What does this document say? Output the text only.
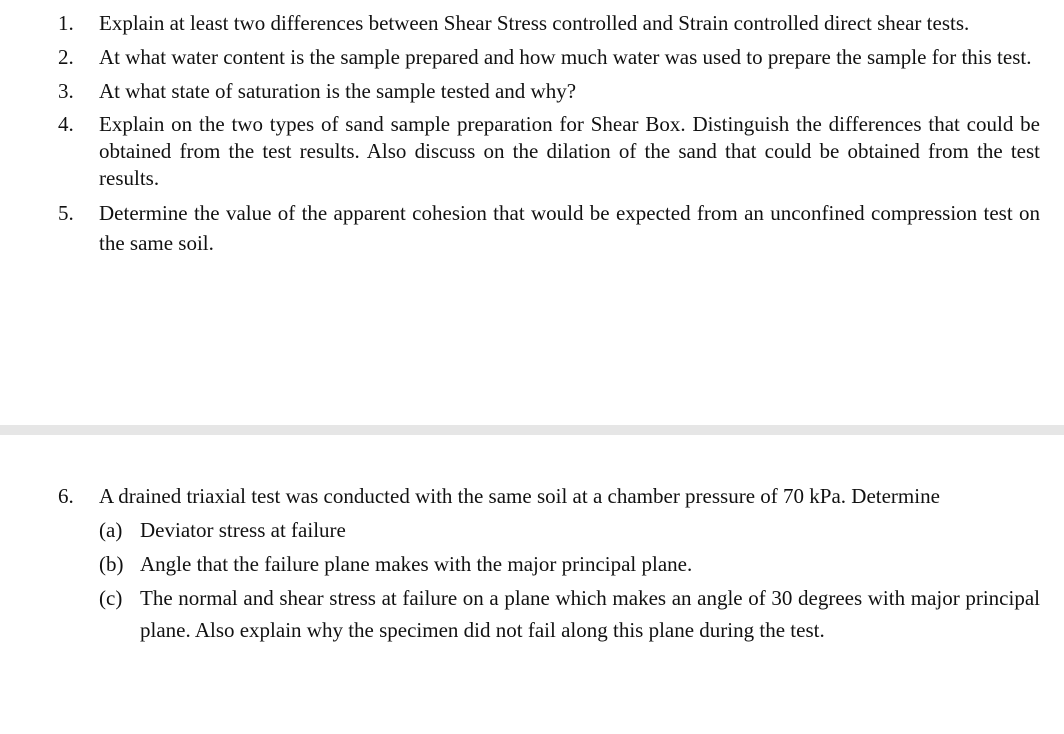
1. Explain at least two differences between Shear Stress controlled and Strain controlled direct shear tests.
2. At what water content is the sample prepared and how much water was used to prepare the sample for this test.
3. At what state of saturation is the sample tested and why?
4. Explain on the two types of sand sample preparation for Shear Box. Distinguish the differences that could be obtained from the test results. Also discuss on the dilation of the sand that could be obtained from the test results.
5. Determine the value of the apparent cohesion that would be expected from an unconfined compression test on the same soil.
6. A drained triaxial test was conducted with the same soil at a chamber pressure of 70 kPa. Determine
(a) Deviator stress at failure
(b) Angle that the failure plane makes with the major principal plane.
(c) The normal and shear stress at failure on a plane which makes an angle of 30 degrees with major principal plane. Also explain why the specimen did not fail along this plane during the test.
